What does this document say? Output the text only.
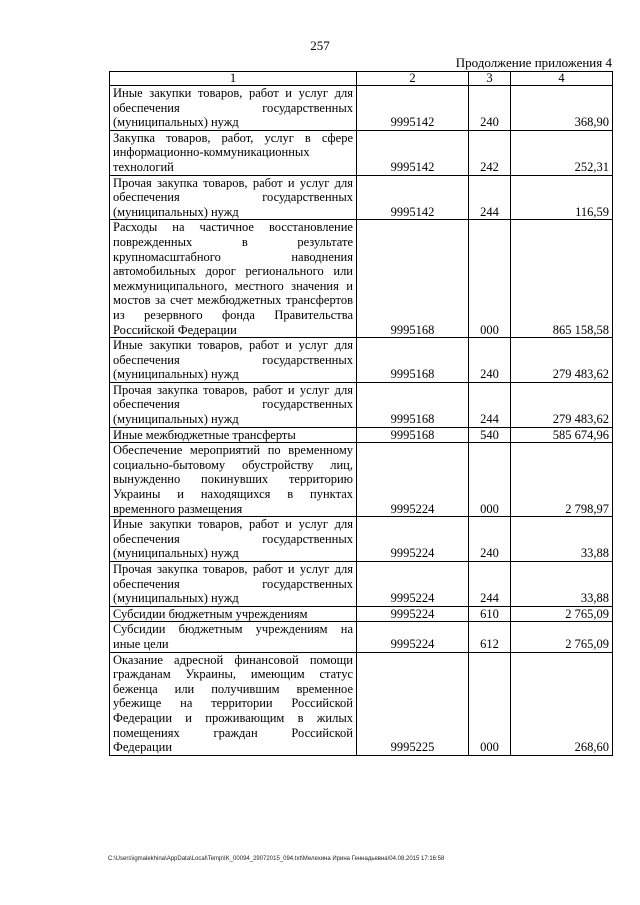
257
Продолжение приложения 4
1	2	3	4
Иные закупки товаров, работ и услуг для обеспечения государственных (муниципальных) нужд	9995142	240	368,90
Закупка товаров, работ, услуг в сфере информационно-коммуникационных технологий	9995142	242	252,31
Прочая закупка товаров, работ и услуг для обеспечения государственных (муниципальных) нужд	9995142	244	116,59
Расходы на частичное восстановление поврежденных в результате крупномасштабного наводнения автомобильных дорог регионального или межмуниципального, местного значения и мостов за счет межбюджетных трансфертов из резервного фонда Правительства Российской Федерации	9995168	000	865 158,58
Иные закупки товаров, работ и услуг для обеспечения государственных (муниципальных) нужд	9995168	240	279 483,62
Прочая закупка товаров, работ и услуг для обеспечения государственных (муниципальных) нужд	9995168	244	279 483,62
Иные межбюджетные трансферты	9995168	540	585 674,96
Обеспечение мероприятий по временному социально-бытовому обустройству лиц, вынужденно покинувших территорию Украины и находящихся в пунктах временного размещения	9995224	000	2 798,97
Иные закупки товаров, работ и услуг для обеспечения государственных (муниципальных) нужд	9995224	240	33,88
Прочая закупка товаров, работ и услуг для обеспечения государственных (муниципальных) нужд	9995224	244	33,88
Субсидии бюджетным учреждениям	9995224	610	2 765,09
Субсидии бюджетным учреждениям на иные цели	9995224	612	2 765,09
Оказание адресной финансовой помощи гражданам Украины, имеющим статус беженца или получившим временное убежище на территории Российской Федерации и проживающим в жилых помещениях граждан Российской Федерации	9995225	000	268,60
C:\Users\igmalekhina\AppData\Local\Temp\IK_00094_29072015_094.txt\Мелехина Ирина Геннадьевна\04.08.2015 17:16:58
